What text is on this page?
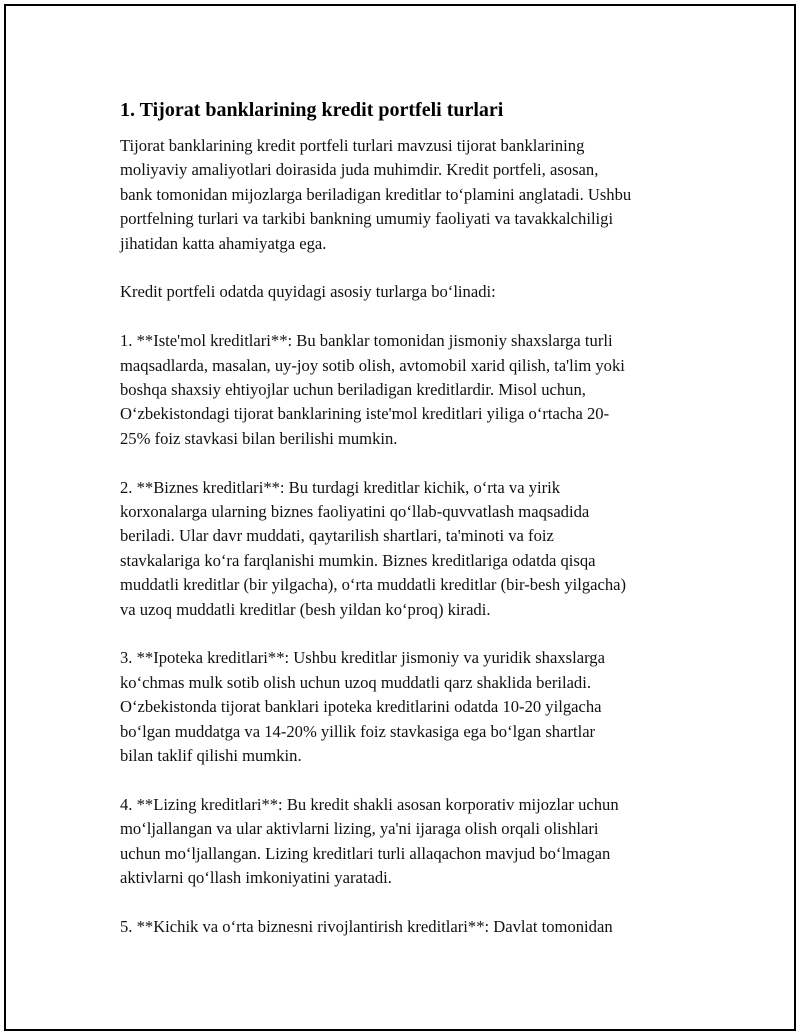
1. Tijorat banklarining kredit portfeli turlari
Tijorat banklarining kredit portfeli turlari mavzusi tijorat banklarining
moliyaviy amaliyotlari doirasida juda muhimdir. Kredit portfeli, asosan,
bank tomonidan mijozlarga beriladigan kreditlar to‘plamini anglatadi. Ushbu
portfelning turlari va tarkibi bankning umumiy faoliyati va tavakkalchiligi
jihatidan katta ahamiyatga ega.
Kredit portfeli odatda quyidagi asosiy turlarga bo‘linadi:
1. **Iste'mol kreditlari**: Bu banklar tomonidan jismoniy shaxslarga turli
maqsadlarda, masalan, uy-joy sotib olish, avtomobil xarid qilish, ta'lim yoki
boshqa shaxsiy ehtiyojlar uchun beriladigan kreditlardir. Misol uchun,
O‘zbekistondagi tijorat banklarining iste'mol kreditlari yiliga o‘rtacha 20-
25% foiz stavkasi bilan berilishi mumkin.
2. **Biznes kreditlari**: Bu turdagi kreditlar kichik, o‘rta va yirik
korxonalarga ularning biznes faoliyatini qo‘llab-quvvatlash maqsadida
beriladi. Ular davr muddati, qaytarilish shartlari, ta'minoti va foiz
stavkalariga ko‘ra farqlanishi mumkin. Biznes kreditlariga odatda qisqa
muddatli kreditlar (bir yilgacha), o‘rta muddatli kreditlar (bir-besh yilgacha)
va uzoq muddatli kreditlar (besh yildan ko‘proq) kiradi.
3. **Ipoteka kreditlari**: Ushbu kreditlar jismoniy va yuridik shaxslarga
ko‘chmas mulk sotib olish uchun uzoq muddatli qarz shaklida beriladi.
O‘zbekistonda tijorat banklari ipoteka kreditlarini odatda 10-20 yilgacha
bo‘lgan muddatga va 14-20% yillik foiz stavkasiga ega bo‘lgan shartlar
bilan taklif qilishi mumkin.
4. **Lizing kreditlari**: Bu kredit shakli asosan korporativ mijozlar uchun
mo‘ljallangan va ular aktivlarni lizing, ya'ni ijaraga olish orqali olishlari
uchun mo‘ljallangan. Lizing kreditlari turli allaqachon mavjud bo‘lmagan
aktivlarni qo‘llash imkoniyatini yaratadi.
5. **Kichik va o‘rta biznesni rivojlantirish kreditlari**: Davlat tomonidan
